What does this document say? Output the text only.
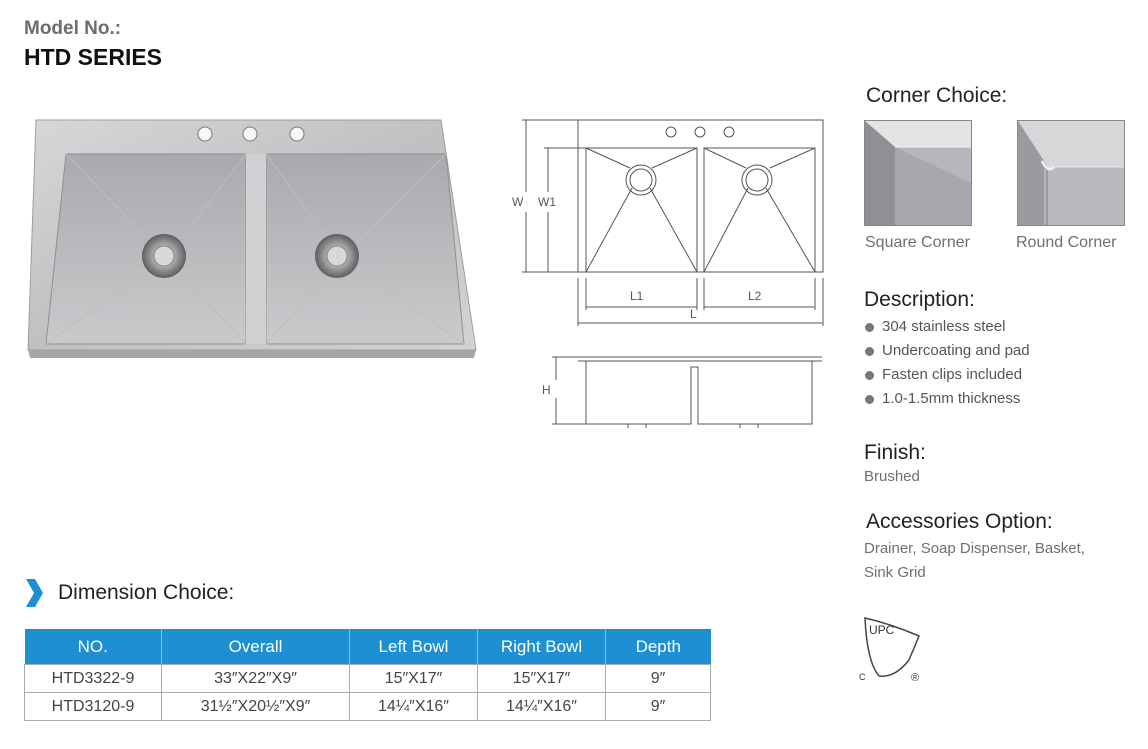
Model No.:
HTD SERIES
W W1
L1	L2
L
H
Corner Choice:
Square Corner	Round Corner
Description:
304 stainless steel
Undercoating and pad
Fasten clips included
1.0-1.5mm thickness
Finish:
Brushed
Accessories Option:
Drainer, Soap Dispenser, Basket,
Sink Grid
UPC
C	®
Dimension Choice:
NO.	Overall	Left Bowl	Right Bowl	Depth
HTD3322-9	33″X22″X9″	15″X17″	15″X17″	9″
HTD3120-9	31½″X20½″X9″	14¼″X16″	14¼″X16″	9″
